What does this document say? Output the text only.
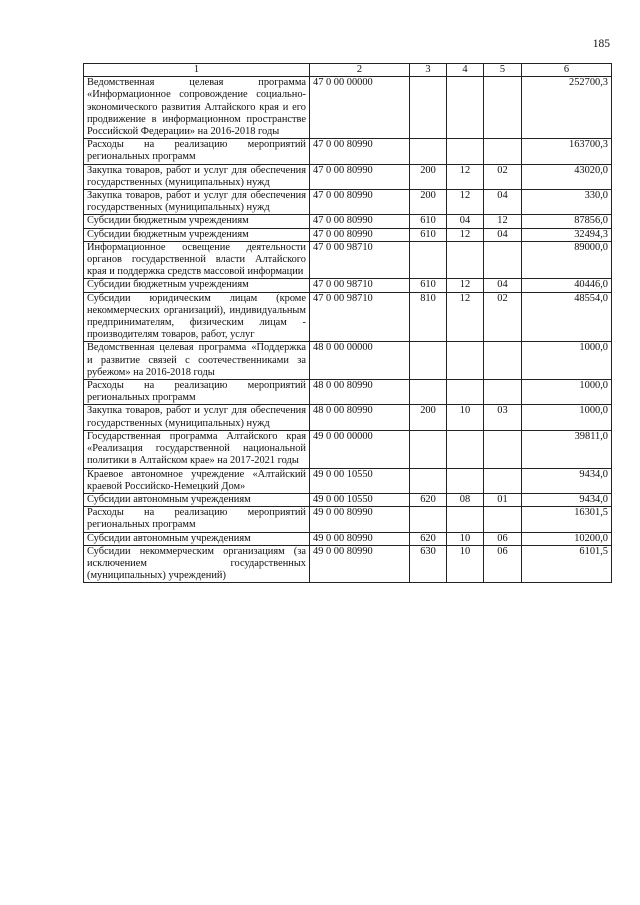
185
1	2	3	4	5	6
Ведомственная целевая программа «Информационное сопровождение социально-экономического развития Алтайского края и его продвижение в информационном пространстве Российской Федерации» на 2016-2018 годы	47 0 00 00000				252700,3
Расходы на реализацию мероприятий региональных программ	47 0 00 80990				163700,3
Закупка товаров, работ и услуг для обеспечения государственных (муниципальных) нужд	47 0 00 80990	200	12	02	43020,0
Закупка товаров, работ и услуг для обеспечения государственных (муниципальных) нужд	47 0 00 80990	200	12	04	330,0
Субсидии бюджетным учреждениям	47 0 00 80990	610	04	12	87856,0
Субсидии бюджетным учреждениям	47 0 00 80990	610	12	04	32494,3
Информационное освещение деятельности органов государственной власти Алтайского края и поддержка средств массовой информации	47 0 00 98710				89000,0
Субсидии бюджетным учреждениям	47 0 00 98710	610	12	04	40446,0
Субсидии юридическим лицам (кроме некоммерческих организаций), индивидуальным предпринимателям, физическим лицам - производителям товаров, работ, услуг	47 0 00 98710	810	12	02	48554,0
Ведомственная целевая программа «Поддержка и развитие связей с соотечественниками за рубежом» на 2016-2018 годы	48 0 00 00000				1000,0
Расходы на реализацию мероприятий региональных программ	48 0 00 80990				1000,0
Закупка товаров, работ и услуг для обеспечения государственных (муниципальных) нужд	48 0 00 80990	200	10	03	1000,0
Государственная программа Алтайского края «Реализация государственной национальной политики в Алтайском крае» на 2017-2021 годы	49 0 00 00000				39811,0
Краевое автономное учреждение «Алтайский краевой Российско-Немецкий Дом»	49 0 00 10550				9434,0
Субсидии автономным учреждениям	49 0 00 10550	620	08	01	9434,0
Расходы на реализацию мероприятий региональных программ	49 0 00 80990				16301,5
Субсидии автономным учреждениям	49 0 00 80990	620	10	06	10200,0
Субсидии некоммерческим организациям (за исключением государственных (муниципальных) учреждений)	49 0 00 80990	630	10	06	6101,5
